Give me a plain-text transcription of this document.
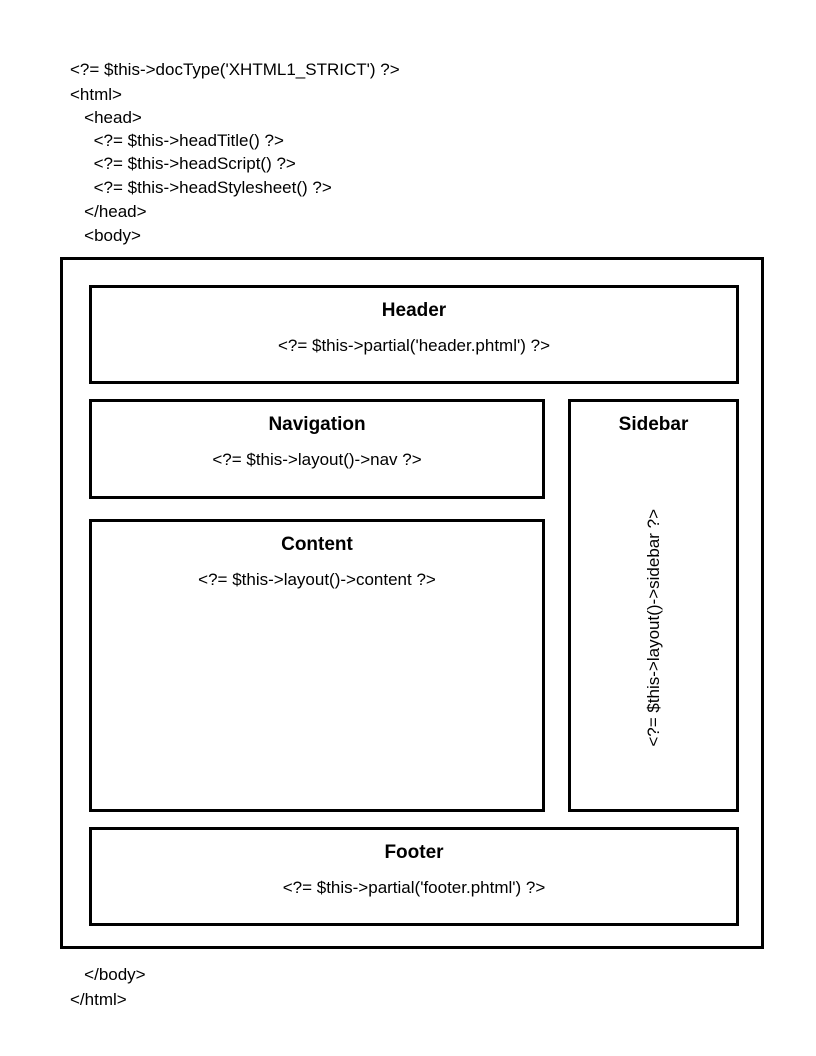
<?= $this->docType('XHTML1_STRICT') ?>
<html>
<head>
<?= $this->headTitle() ?>
<?= $this->headScript() ?>
<?= $this->headStylesheet() ?>
</head>
<body>
Header
<?= $this->partial('header.phtml') ?>
Navigation
<?= $this->layout()->nav ?>
Content
<?= $this->layout()->content ?>
Sidebar
<?= $this->layout()->sidebar ?>
Footer
<?= $this->partial('footer.phtml') ?>
</body>
</html>
